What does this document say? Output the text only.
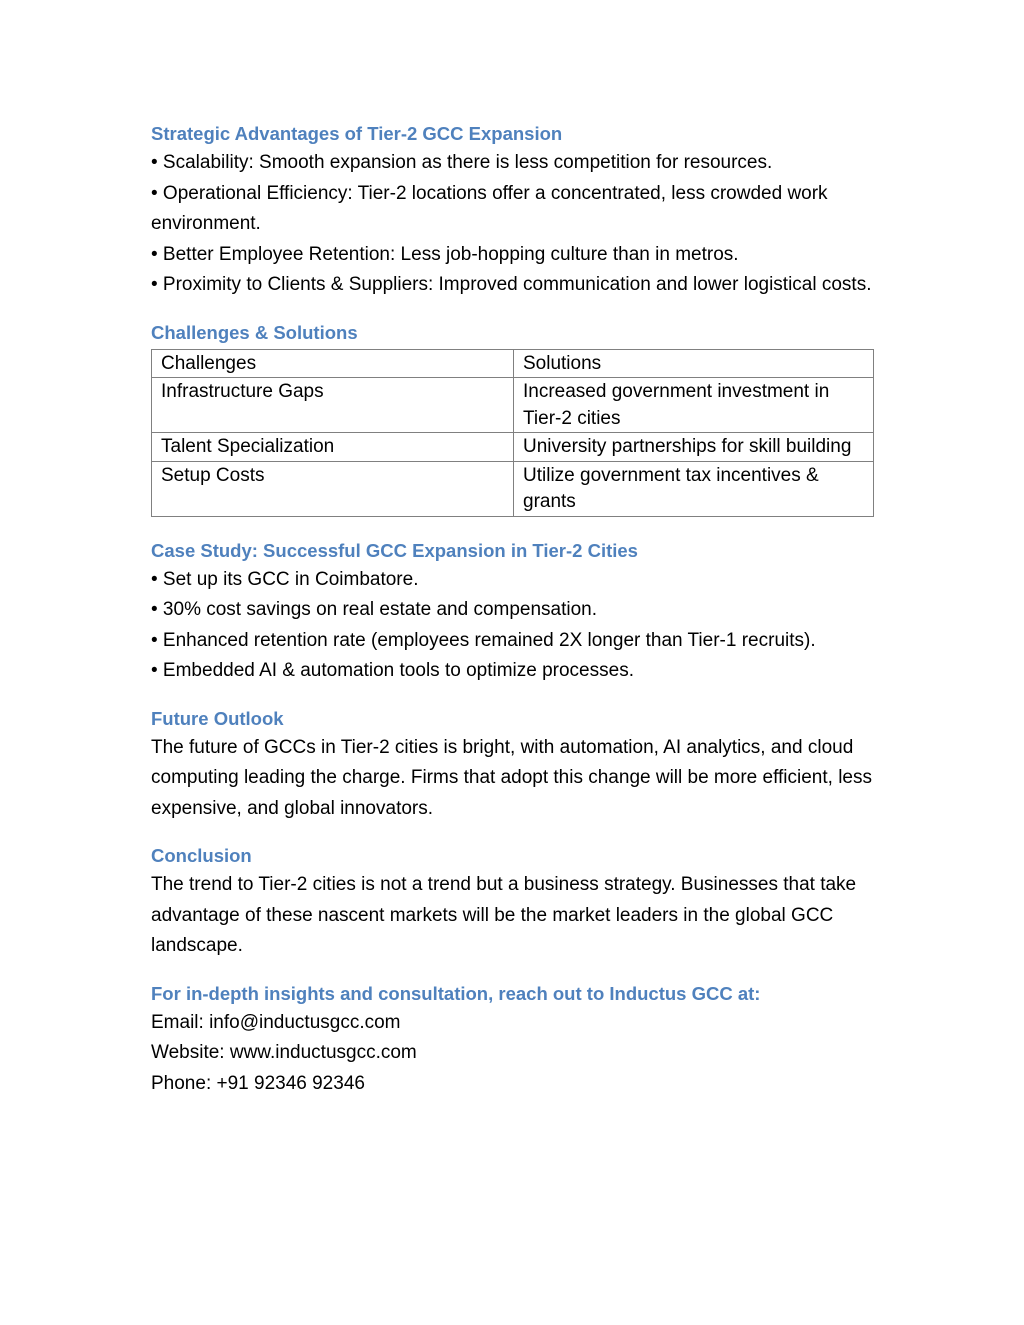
Strategic Advantages of Tier-2 GCC Expansion

• Scalability: Smooth expansion as there is less competition for resources.

• Operational Efficiency: Tier-2 locations offer a concentrated, less crowded work environment.

• Better Employee Retention: Less job-hopping culture than in metros.

• Proximity to Clients & Suppliers: Improved communication and lower logistical costs.

Challenges & Solutions
Challenges	Solutions
Infrastructure Gaps	Increased government investment in Tier-2 cities
Talent Specialization	University partnerships for skill building
Setup Costs	Utilize government tax incentives & grants
Case Study: Successful GCC Expansion in Tier-2 Cities

• Set up its GCC in Coimbatore.

• 30% cost savings on real estate and compensation.

• Enhanced retention rate (employees remained 2X longer than Tier-1 recruits).

• Embedded AI & automation tools to optimize processes.

Future Outlook

The future of GCCs in Tier-2 cities is bright, with automation, AI analytics, and cloud computing leading the charge. Firms that adopt this change will be more efficient, less expensive, and global innovators.

Conclusion

The trend to Tier-2 cities is not a trend but a business strategy. Businesses that take advantage of these nascent markets will be the market leaders in the global GCC landscape.

For in-depth insights and consultation, reach out to Inductus GCC at:

Email: info@inductusgcc.com

Website: www.inductusgcc.com

Phone: +91 92346 92346
